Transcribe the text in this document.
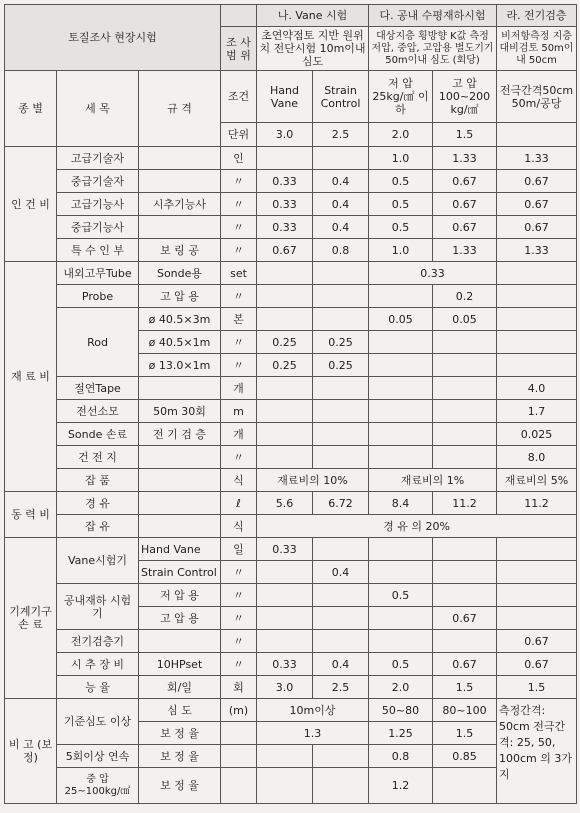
토질조사 현장시험				나. Vane 시험		다. 공내 수평재하시험		라. 전기검층
			조 사 범 위	초연약점토 지반 원위치 전단시험 10m이내 심도		대상지층 횡방향 K값 측정 저압, 중압, 고압용 벌도기기 50m이내 심도 (회당)		비저항측정 지층대비검토 50m이내 50cm
종 별	세 목	규 격	조건	Hand Vane	Strain Control	저 압 25kg/㎠ 이하	고 압 100~200 kg/㎠	전극간격50cm 50m/공당
			단위	3.0	2.5	2.0	1.5	
인 건 비	고급기술자		인			1.0	1.33	1.33
	중급기술자		〃	0.33	0.4	0.5	0.67	0.67
	고급기능사	시추기능사	〃	0.33	0.4	0.5	0.67	0.67
	중급기능사		〃	0.33	0.4	0.5	0.67	0.67
	특 수 인 부	보 링 공	〃	0.67	0.8	1.0	1.33	1.33
재 료 비	내외고무Tube	Sonde용	set			0.33		
	Probe	고 압 용	〃				0.2	
	Rod	ø 40.5×3m	본			0.05	0.05	
		ø 40.5×1m	〃	0.25	0.25			
		ø 13.0×1m	〃	0.25	0.25			
	절연Tape		개					4.0
	전선소모	50m 30회	m					1.7
	Sonde 손료	전 기 검 층	개					0.025
	건 전 지		〃					8.0
	잡 품		식	재료비의 10%		재료비의 1%		재료비의 5%
동 력 비	경 유		ℓ	5.6	6.72	8.4	11.2	11.2
	잡 유		식	경 유 의 20%				
기계기구 손 료	Vane시험기	Hand Vane	일	0.33				
		Strain Control	〃		0.4			
	공내재하 시험기	저 압 용	〃			0.5		
		고 압 용	〃				0.67	
	전기검층기		〃					0.67
	시 추 장 비	10HPset	〃	0.33	0.4	0.5	0.67	0.67
	능 율	회/일	회	3.0	2.5	2.0	1.5	1.5
비 고 (보 정)	기준심도 이상	심 도	(m)	10m이상		50~80	80~100	측정간격: 50cm 전극간격: 25, 50, 100cm 의 3가지
		보 정 율		1.3		1.25	1.5	
	5회이상 연속	보 정 율				0.8	0.85	
	중 압 25~100kg/㎠	보 정 율				1.2		
